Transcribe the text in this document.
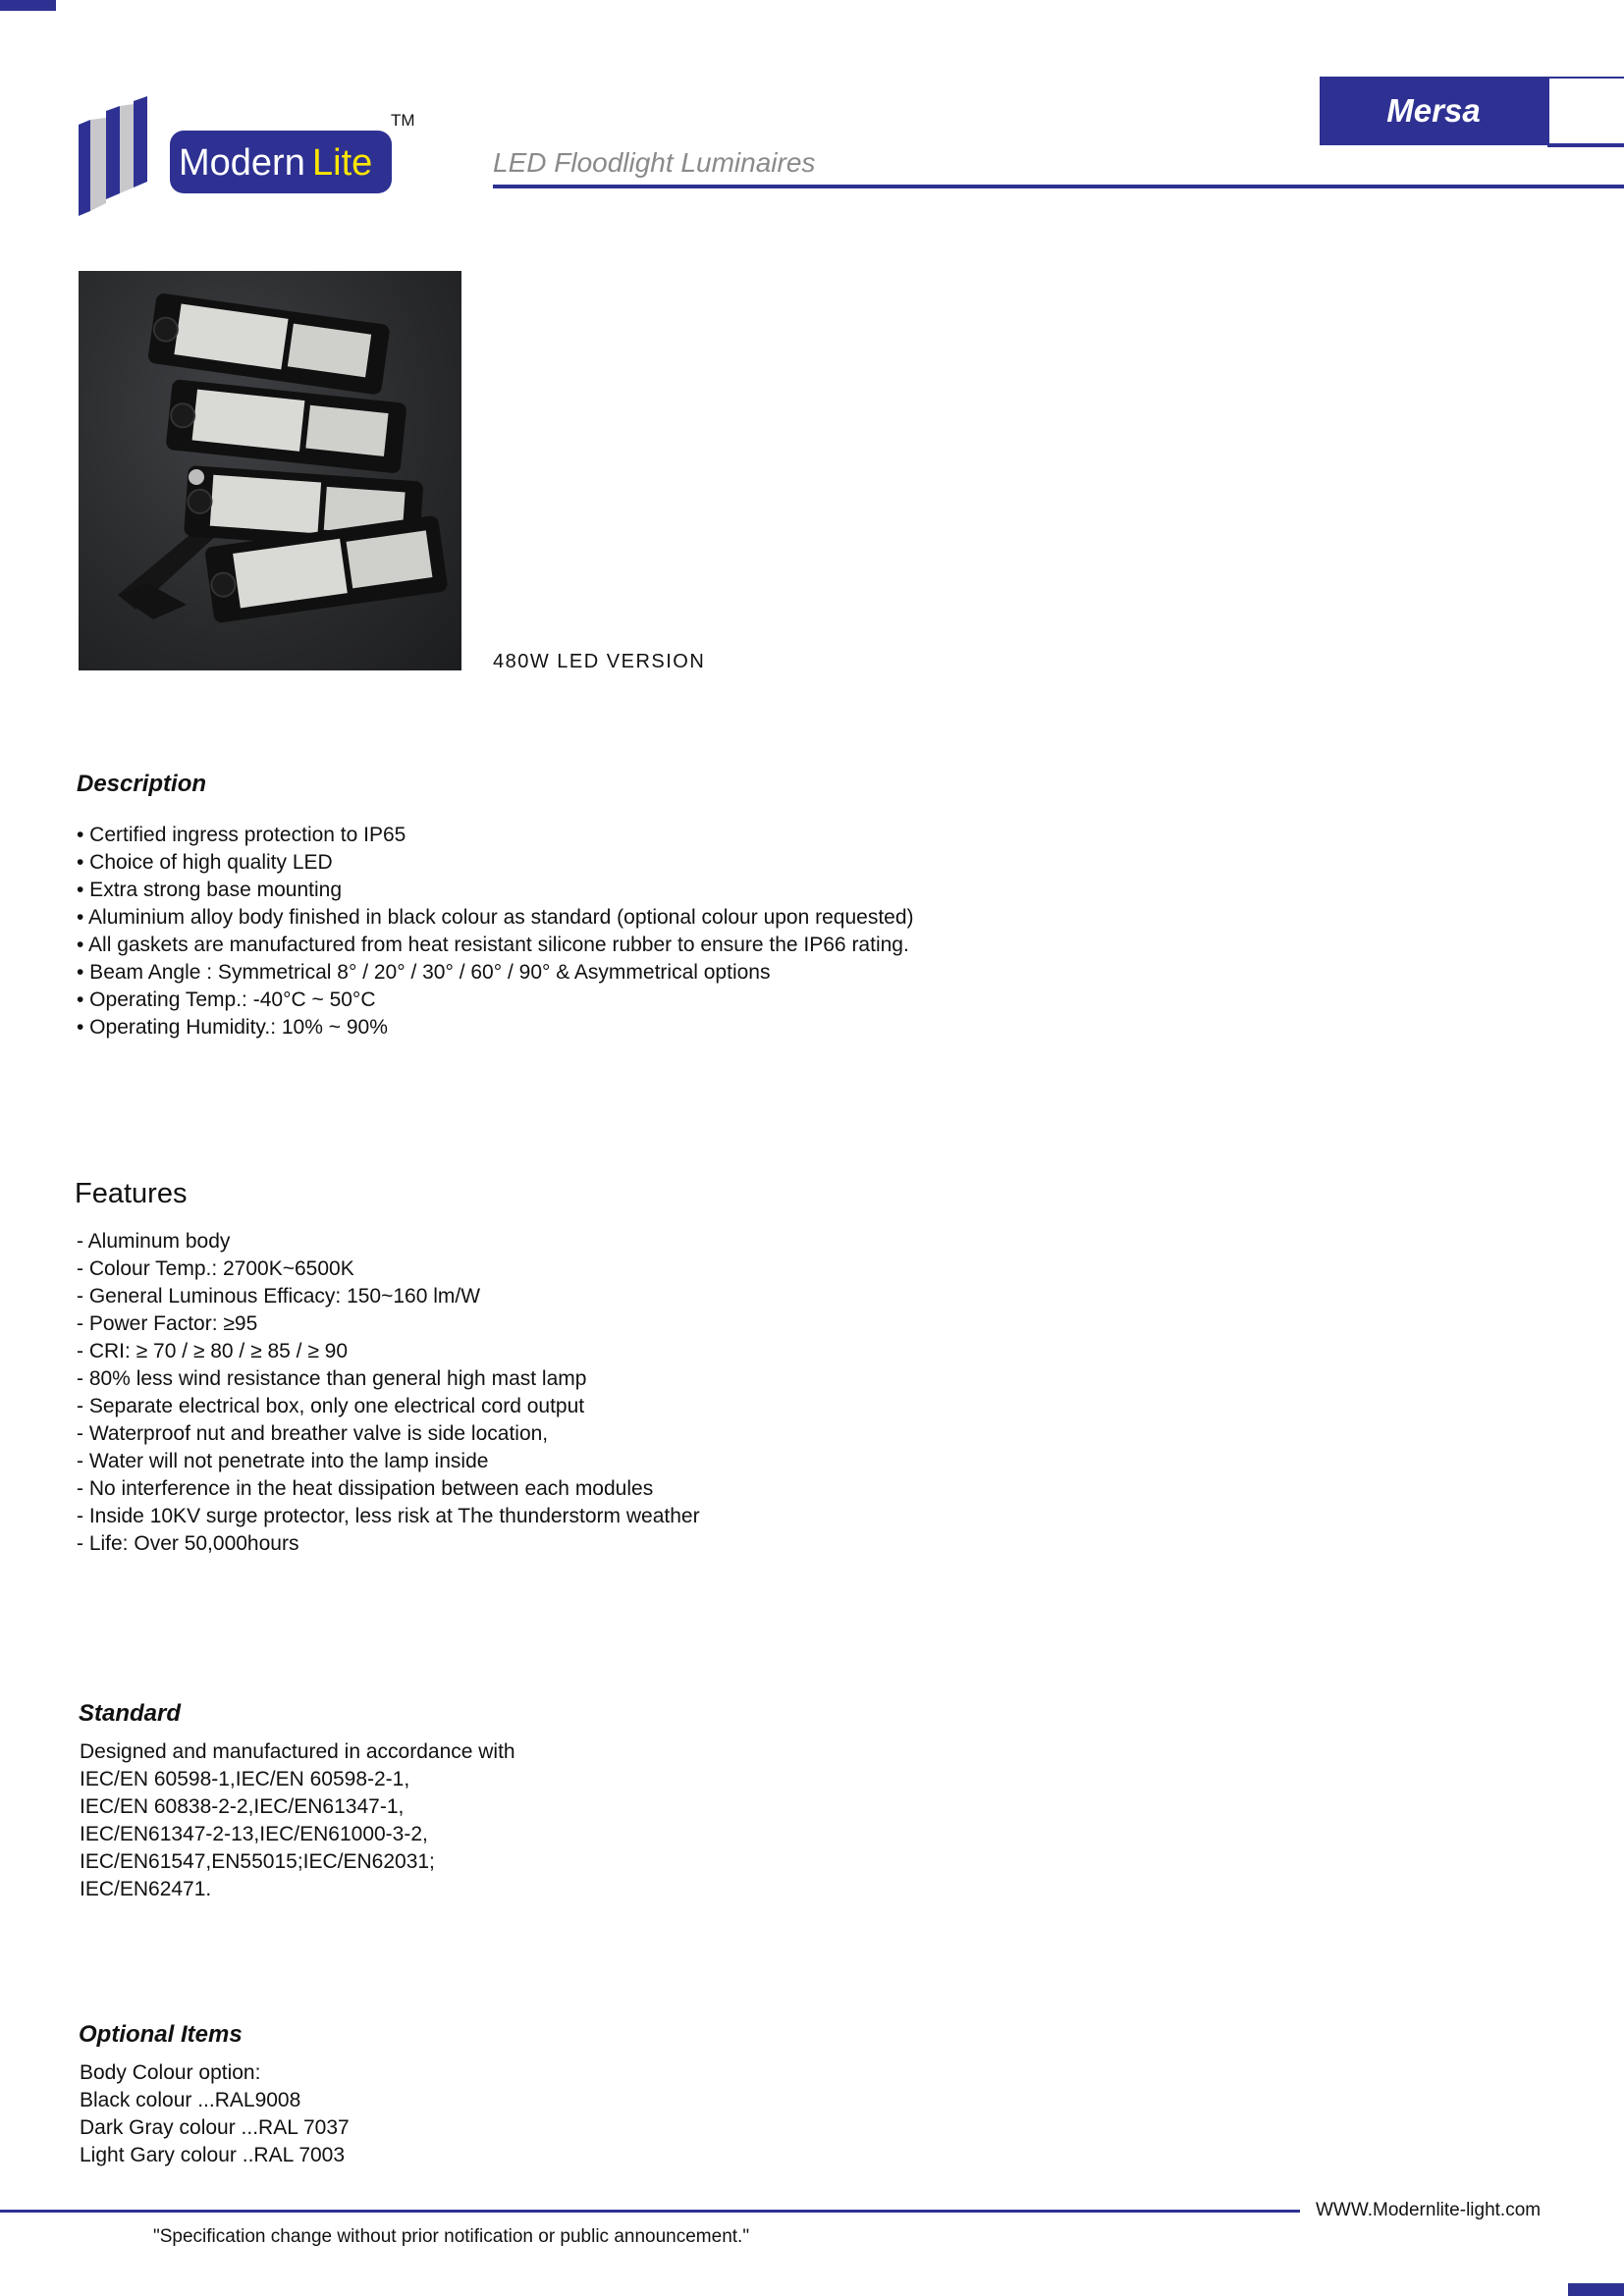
Modern Lite
TM
LED Floodlight Luminaires
Mersa
480W LED VERSION
Description
• Certified ingress protection to IP65
• Choice of high quality LED
• Extra strong base mounting
• Aluminium alloy body finished in black colour as standard (optional colour upon requested)
• All gaskets are manufactured from heat resistant silicone rubber to ensure the IP66 rating.
• Beam Angle : Symmetrical 8° / 20° / 30° / 60° / 90° & Asymmetrical options
• Operating Temp.: -40°C ~ 50°C
• Operating Humidity.: 10% ~ 90%
Features
- Aluminum body
- Colour Temp.: 2700K~6500K
- General Luminous Efficacy: 150~160 lm/W
- Power Factor: ≥95
- CRI: ≥ 70 / ≥ 80 / ≥ 85 / ≥ 90
- 80% less wind resistance than general high mast lamp
- Separate electrical box, only one electrical cord output
- Waterproof nut and breather valve is side location,
- Water will not penetrate into the lamp inside
- No interference in the heat dissipation between each modules
- Inside 10KV surge protector, less risk at The thunderstorm weather
- Life: Over 50,000hours
Standard
Designed and manufactured in accordance with
IEC/EN 60598-1,IEC/EN 60598-2-1,
IEC/EN 60838-2-2,IEC/EN61347-1,
IEC/EN61347-2-13,IEC/EN61000-3-2,
IEC/EN61547,EN55015;IEC/EN62031;
IEC/EN62471.
Optional Items
Body Colour option:
Black colour ...RAL9008
Dark Gray colour ...RAL 7037
Light Gary colour ..RAL 7003
WWW.Modernlite-light.com
"Specification change without prior notification or public announcement."
